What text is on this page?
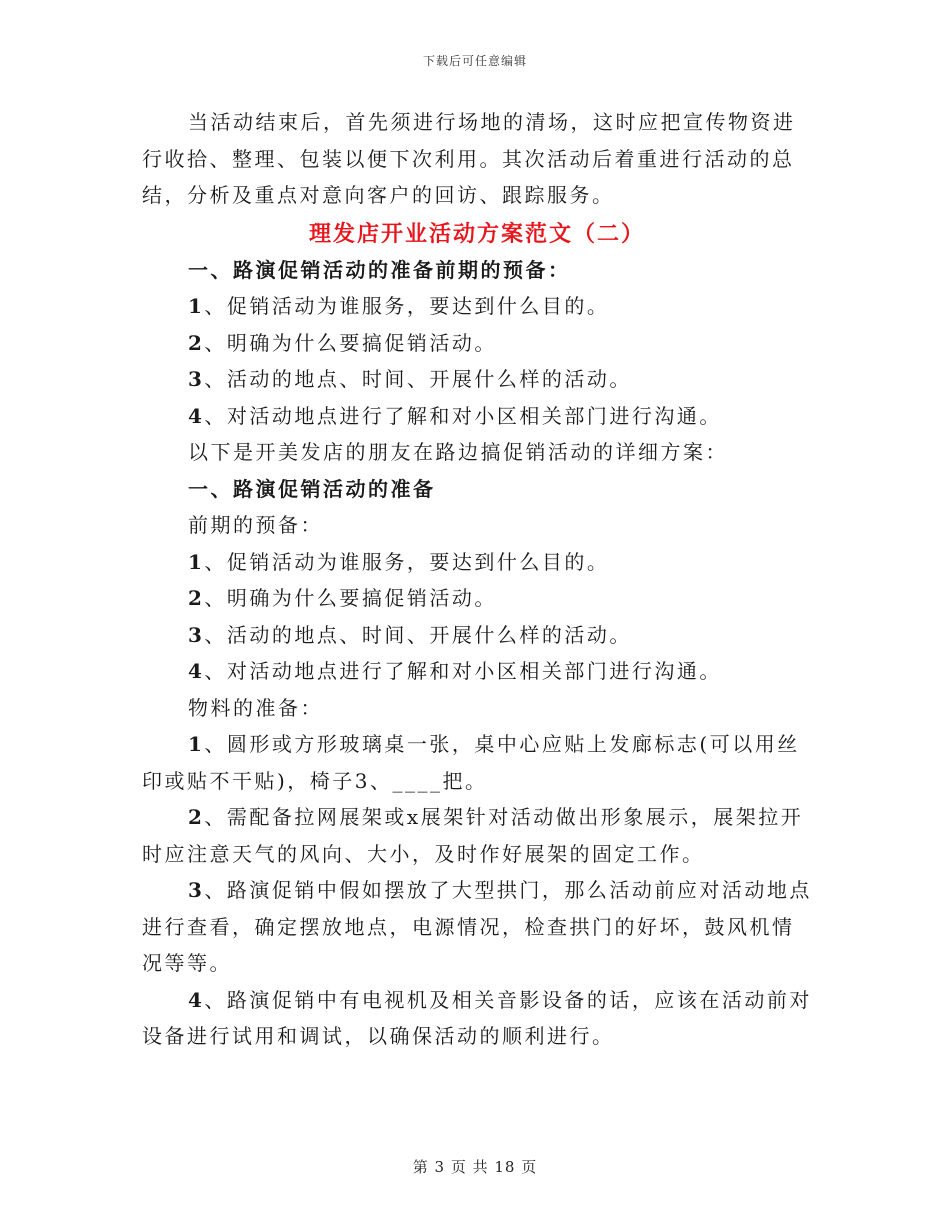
下载后可任意编辑

当活动结束后，首先须进行场地的清场，这时应把宣传物资进行收拾、整理、包装以便下次利用。其次活动后着重进行活动的总结，分析及重点对意向客户的回访、跟踪服务。

理发店开业活动方案范文（二）

一、路演促销活动的准备前期的预备：

1、促销活动为谁服务，要达到什么目的。

2、明确为什么要搞促销活动。

3、活动的地点、时间、开展什么样的活动。

4、对活动地点进行了解和对小区相关部门进行沟通。

以下是开美发店的朋友在路边搞促销活动的详细方案：

一、路演促销活动的准备

前期的预备：

1、促销活动为谁服务，要达到什么目的。

2、明确为什么要搞促销活动。

3、活动的地点、时间、开展什么样的活动。

4、对活动地点进行了解和对小区相关部门进行沟通。

物料的准备：

1、圆形或方形玻璃桌一张，桌中心应贴上发廊标志(可以用丝印或贴不干贴)，椅子3、____把。

2、需配备拉网展架或x展架针对活动做出形象展示，展架拉开时应注意天气的风向、大小，及时作好展架的固定工作。

3、路演促销中假如摆放了大型拱门，那么活动前应对活动地点进行查看，确定摆放地点，电源情况，检查拱门的好坏，鼓风机情况等等。

4、路演促销中有电视机及相关音影设备的话，应该在活动前对设备进行试用和调试，以确保活动的顺利进行。

第 3 页 共 18 页
